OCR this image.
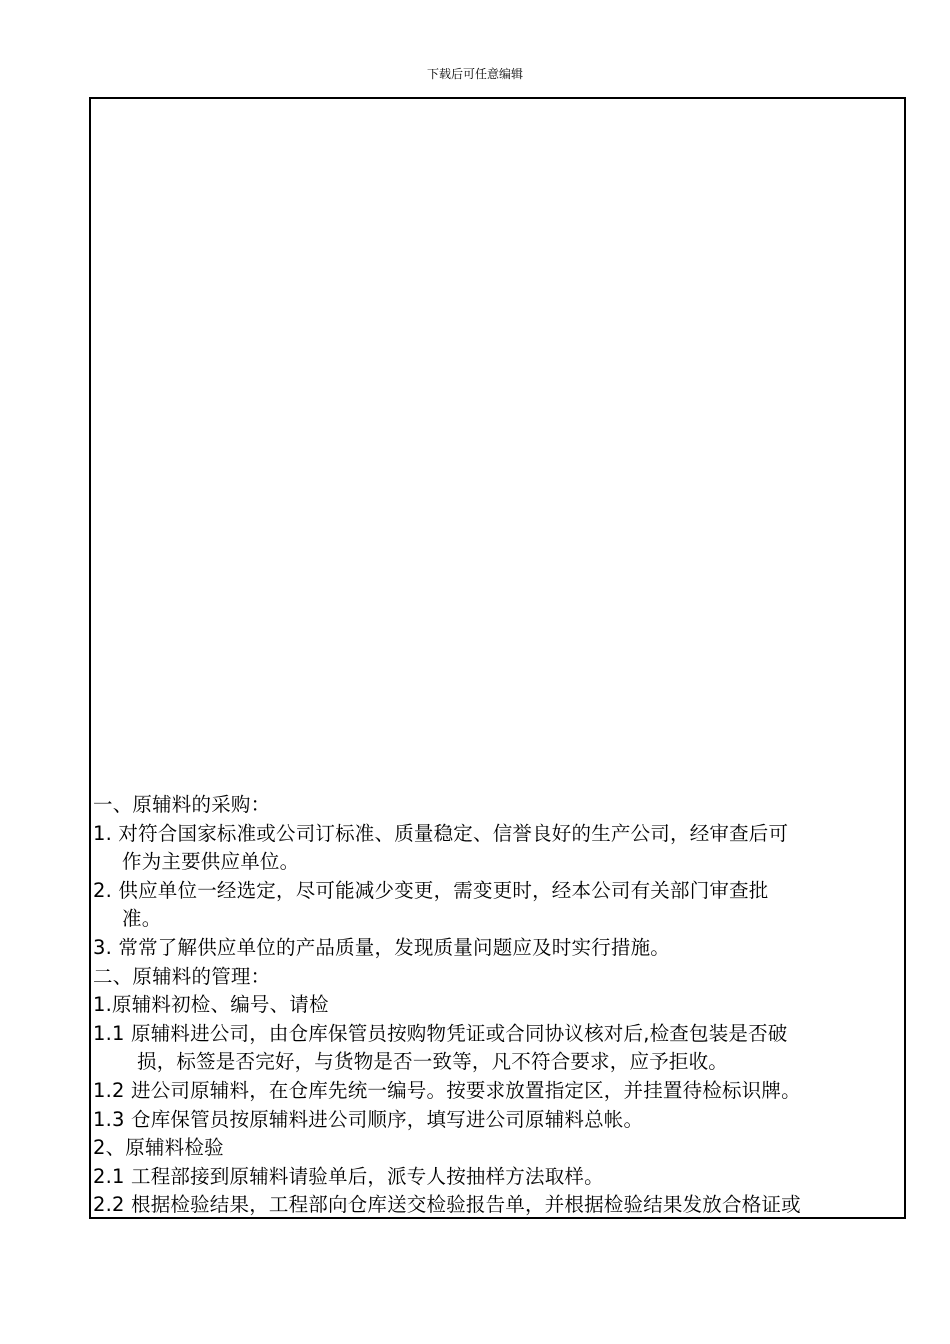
下载后可任意编辑
一、原辅料的采购：
1. 对符合国家标准或公司订标准、质量稳定、信誉良好的生产公司，经审查后可
作为主要供应单位。
2. 供应单位一经选定，尽可能减少变更，需变更时，经本公司有关部门审查批
准。
3. 常常了解供应单位的产品质量，发现质量问题应及时实行措施。
二、原辅料的管理：
1.原辅料初检、编号、请检
1.1 原辅料进公司，由仓库保管员按购物凭证或合同协议核对后,检查包装是否破
损，标签是否完好，与货物是否一致等，凡不符合要求，应予拒收。
1.2 进公司原辅料，在仓库先统一编号。按要求放置指定区，并挂置待检标识牌。
1.3 仓库保管员按原辅料进公司顺序，填写进公司原辅料总帐。
2、原辅料检验
2.1 工程部接到原辅料请验单后，派专人按抽样方法取样。
2.2 根据检验结果，工程部向仓库送交检验报告单，并根据检验结果发放合格证或
